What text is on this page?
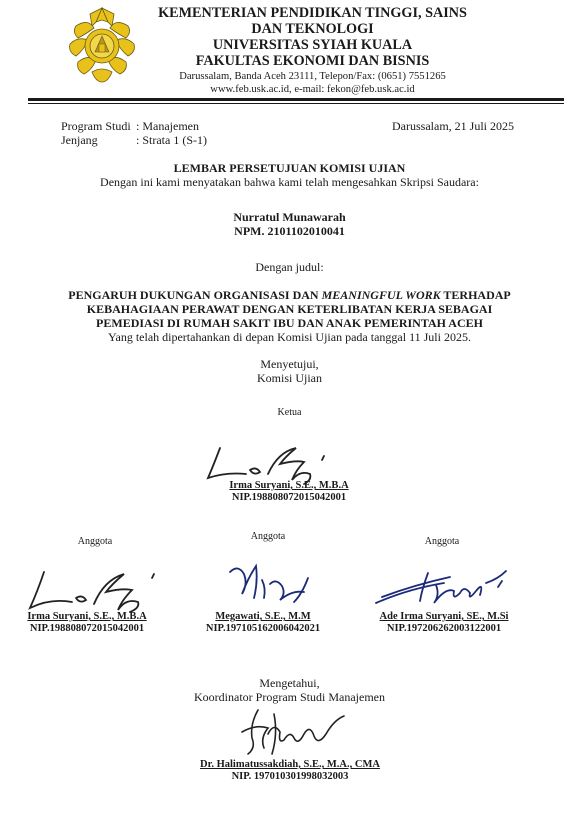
KEMENTERIAN PENDIDIKAN TINGGI, SAINS
DAN TEKNOLOGI
UNIVERSITAS SYIAH KUALA
FAKULTAS EKONOMI DAN BISNIS
Darussalam, Banda Aceh 23111, Telepon/Fax: (0651) 7551265
www.feb.usk.ac.id, e-mail: fekon@feb.usk.ac.id
Program Studi : Manajemen
Jenjang	: Strata 1 (S-1)
Darussalam, 21 Juli 2025
LEMBAR PERSETUJUAN KOMISI UJIAN
Dengan ini kami menyatakan bahwa kami telah mengesahkan Skripsi Saudara:
Nurratul Munawarah
NPM. 2101102010041
Dengan judul:
PENGARUH DUKUNGAN ORGANISASI DAN MEANINGFUL WORK TERHADAP
KEBAHAGIAAN PERAWAT DENGAN KETERLIBATAN KERJA SEBAGAI
PEMEDIASI DI RUMAH SAKIT IBU DAN ANAK PEMERINTAH ACEH
Yang telah dipertahankan di depan Komisi Ujian pada tanggal 11 Juli 2025.
Menyetujui,
Komisi Ujian
Ketua
Irma Suryani, S.E., M.B.A
NIP.198808072015042001
Anggota	Anggota	Anggota
Irma Suryani, S.E., M.B.A
NIP.198808072015042001
Megawati, S.E., M.M
NIP.197105162006042021
Ade Irma Suryani, SE., M.Si
NIP.197206262003122001
Mengetahui,
Koordinator Program Studi Manajemen
Dr. Halimatussakdiah, S.E., M.A., CMA
NIP. 197010301998032003
